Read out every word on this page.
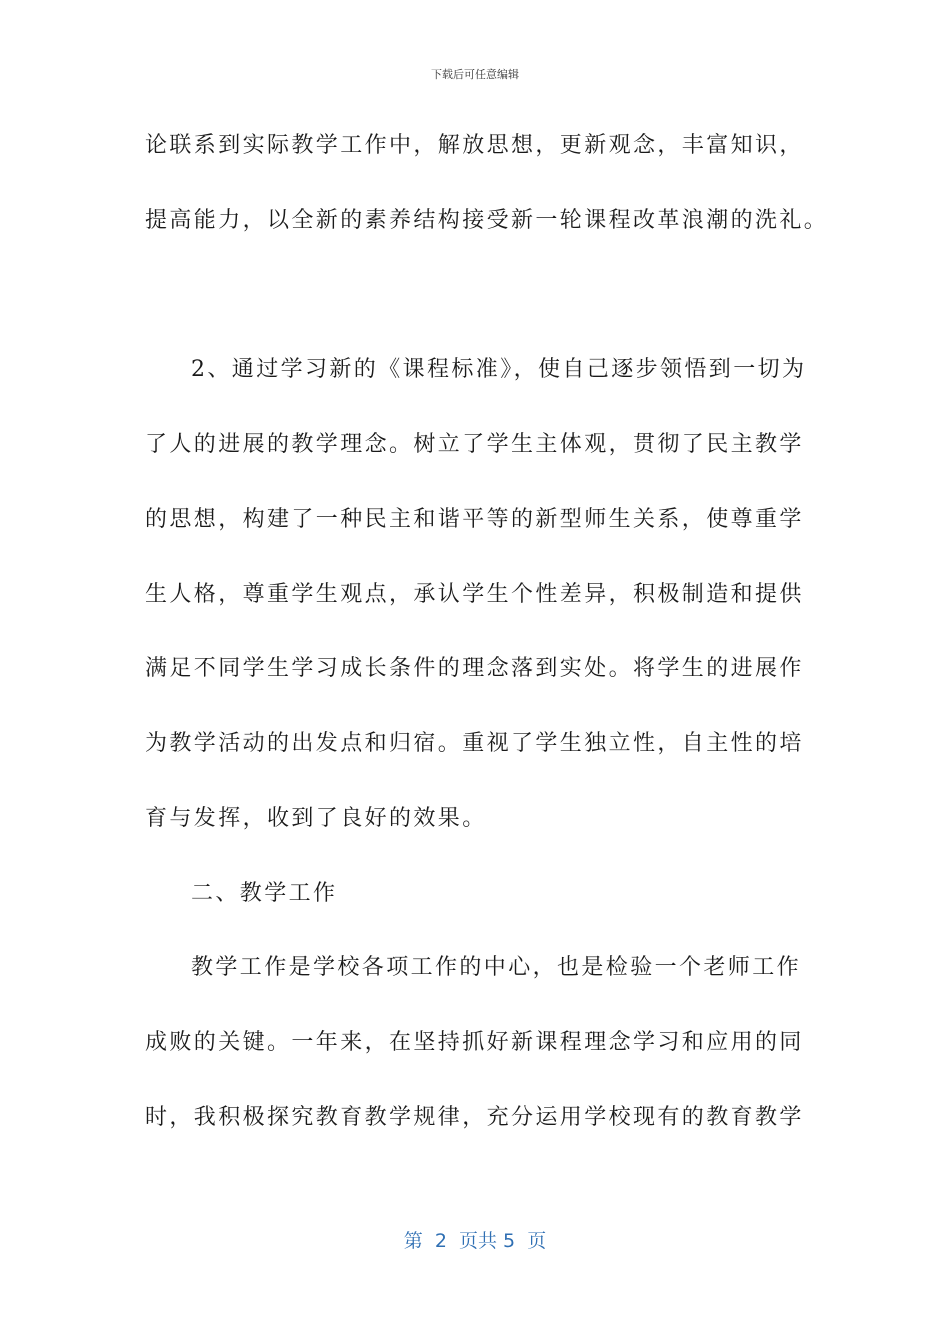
下载后可任意编辑
论联系到实际教学工作中，解放思想，更新观念，丰富知识，
提高能力，以全新的素养结构接受新一轮课程改革浪潮的洗礼。
2、通过学习新的《课程标准》，使自己逐步领悟到一切为
了人的进展的教学理念。树立了学生主体观，贯彻了民主教学
的思想，构建了一种民主和谐平等的新型师生关系，使尊重学
生人格，尊重学生观点，承认学生个性差异，积极制造和提供
满足不同学生学习成长条件的理念落到实处。将学生的进展作
为教学活动的出发点和归宿。重视了学生独立性，自主性的培
育与发挥，收到了良好的效果。
二、教学工作
教学工作是学校各项工作的中心，也是检验一个老师工作
成败的关键。一年来，在坚持抓好新课程理念学习和应用的同
时，我积极探究教育教学规律，充分运用学校现有的教育教学
第  2  页共 5  页
